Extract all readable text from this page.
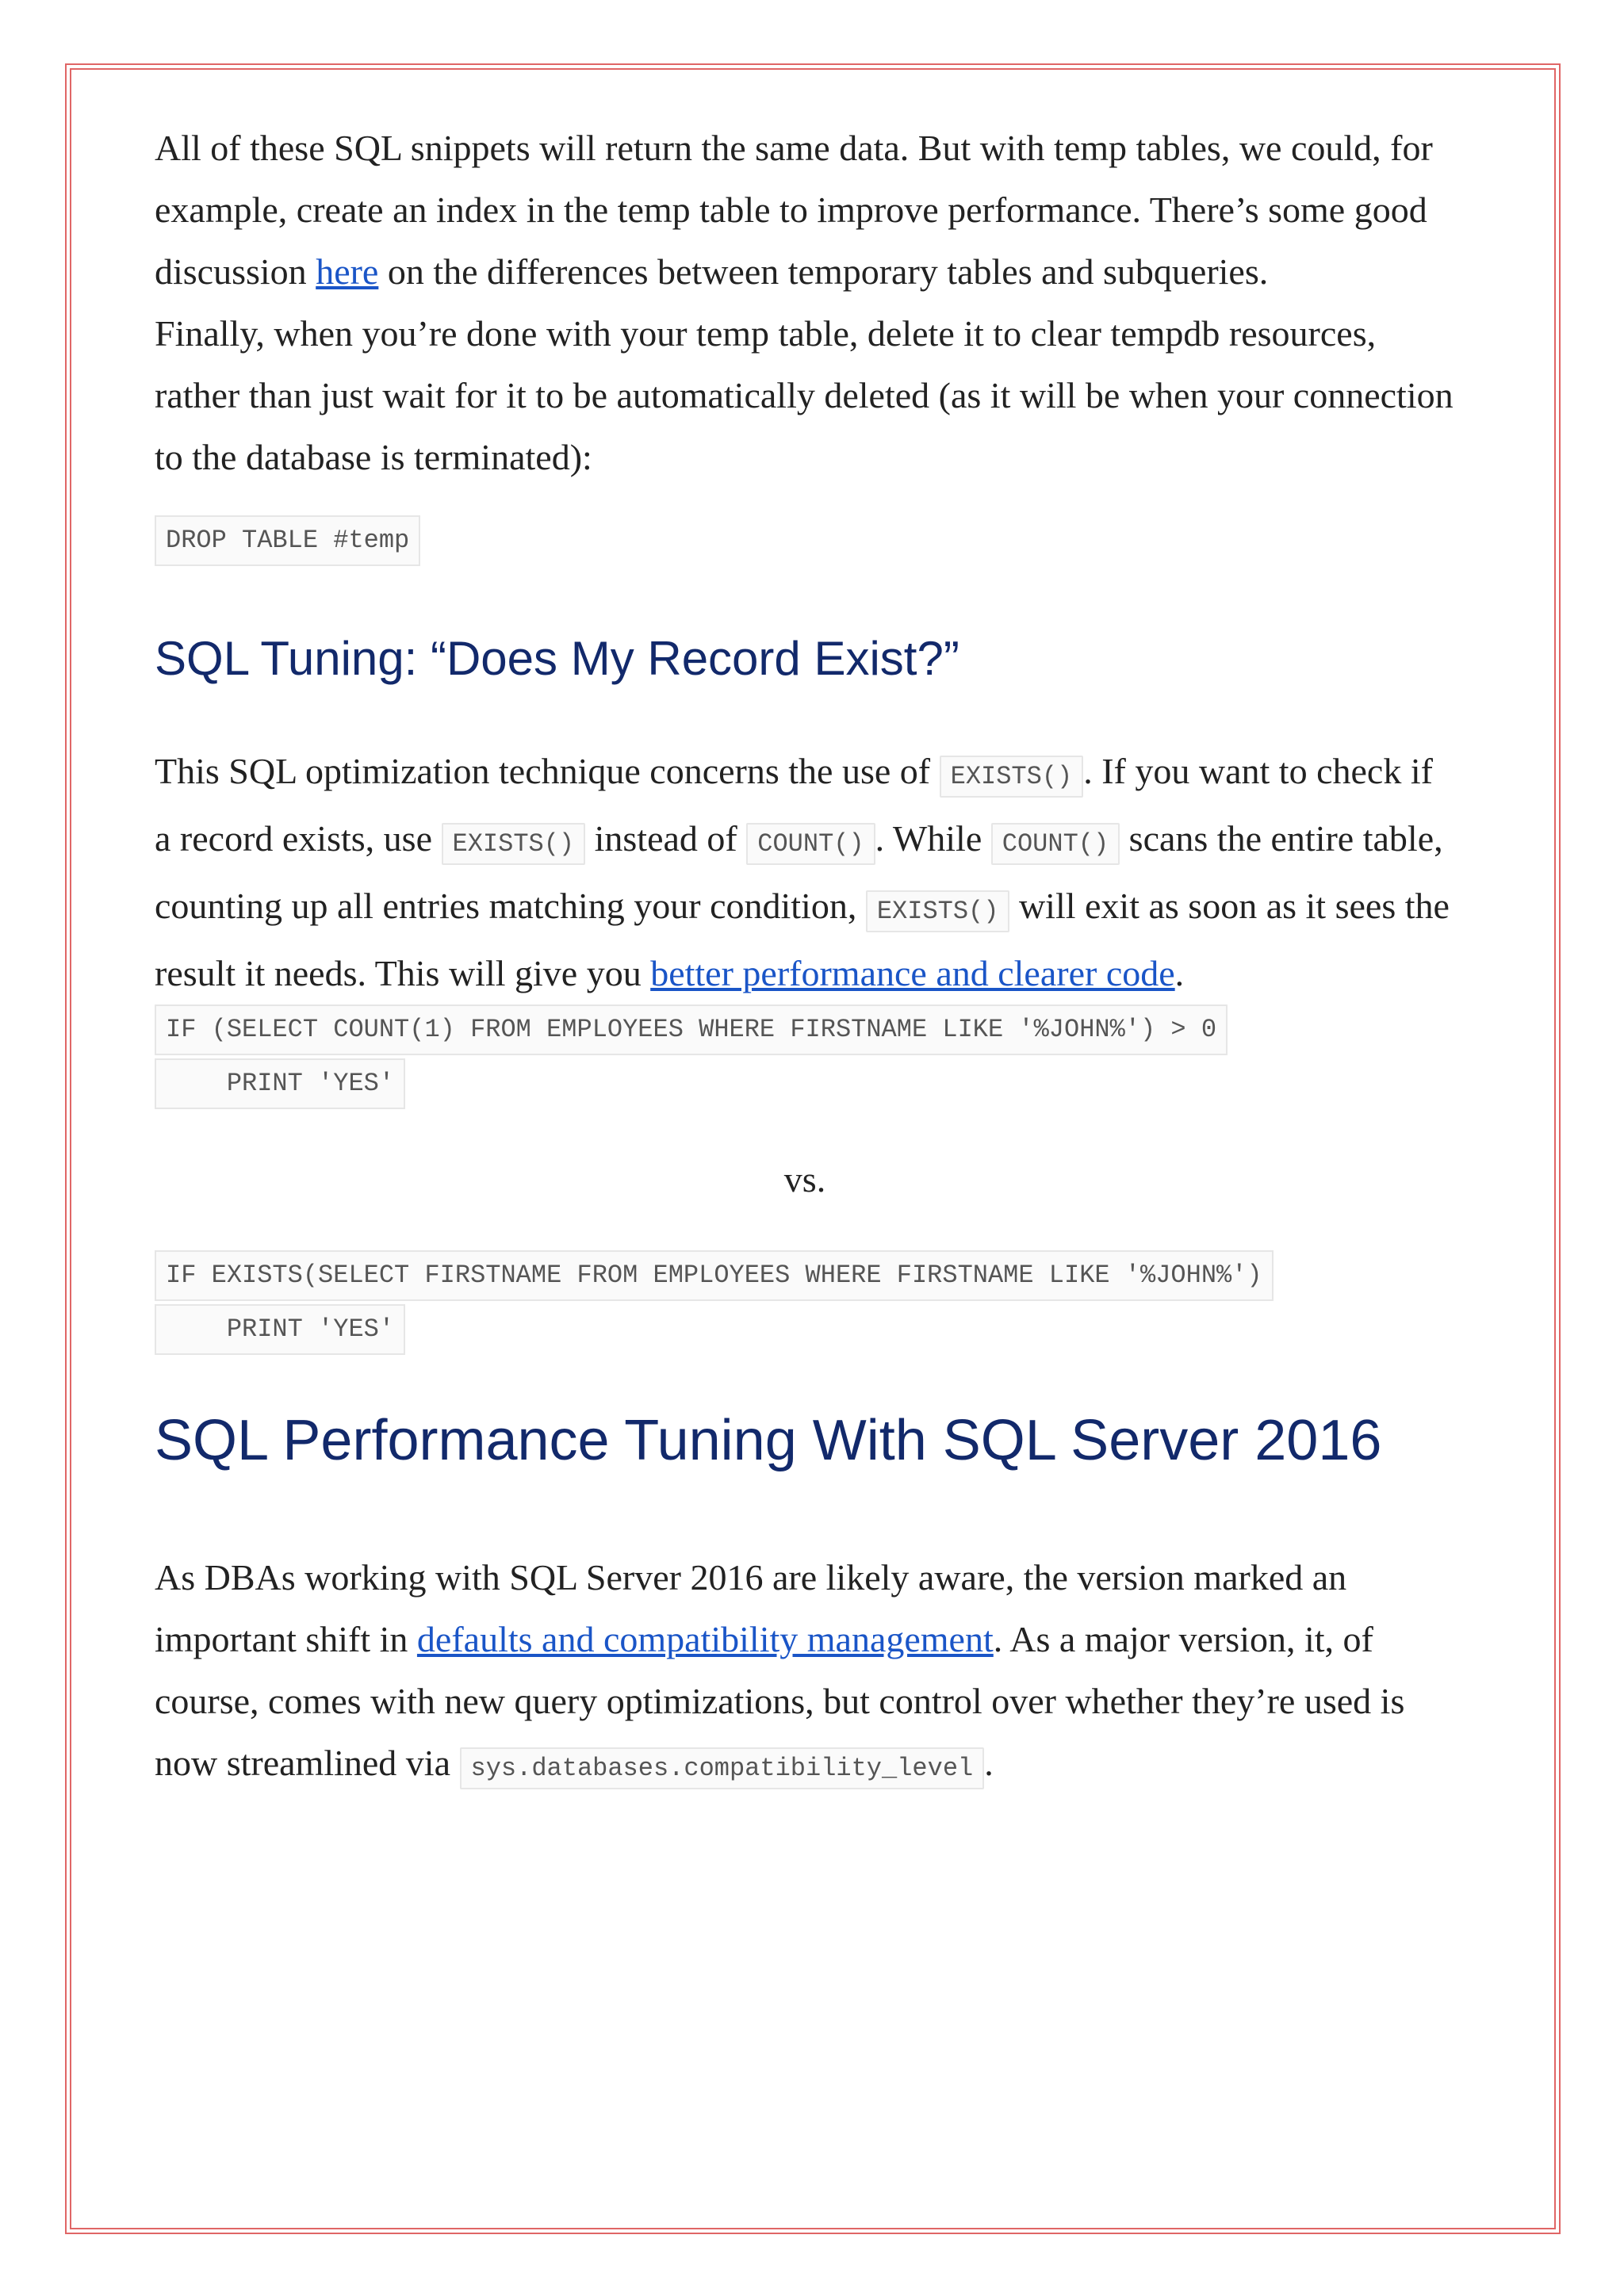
All of these SQL snippets will return the same data. But with temp tables, we could, for example, create an index in the temp table to improve performance. There’s some good discussion here on the differences between temporary tables and subqueries.

Finally, when you’re done with your temp table, delete it to clear tempdb resources, rather than just wait for it to be automatically deleted (as it will be when your connection to the database is terminated):

DROP TABLE #temp
SQL Tuning: “Does My Record Exist?”

This SQL optimization technique concerns the use of EXISTS() . If you want to check if a record exists, use EXISTS() instead of COUNT() . While COUNT() scans the entire table, counting up all entries matching your condition, EXISTS() will exit as soon as it sees the result it needs. This will give you better performance and clearer code.

IF (SELECT COUNT(1) FROM EMPLOYEES WHERE FIRSTNAME LIKE '%JOHN%') > 0
PRINT 'YES'

vs.

IF EXISTS(SELECT FIRSTNAME FROM EMPLOYEES WHERE FIRSTNAME LIKE '%JOHN%')
PRINT 'YES'
SQL Performance Tuning With SQL Server 2016

As DBAs working with SQL Server 2016 are likely aware, the version marked an important shift in defaults and compatibility management. As a major version, it, of course, comes with new query optimizations, but control over whether they’re used is now streamlined via sys.databases.compatibility_level .
